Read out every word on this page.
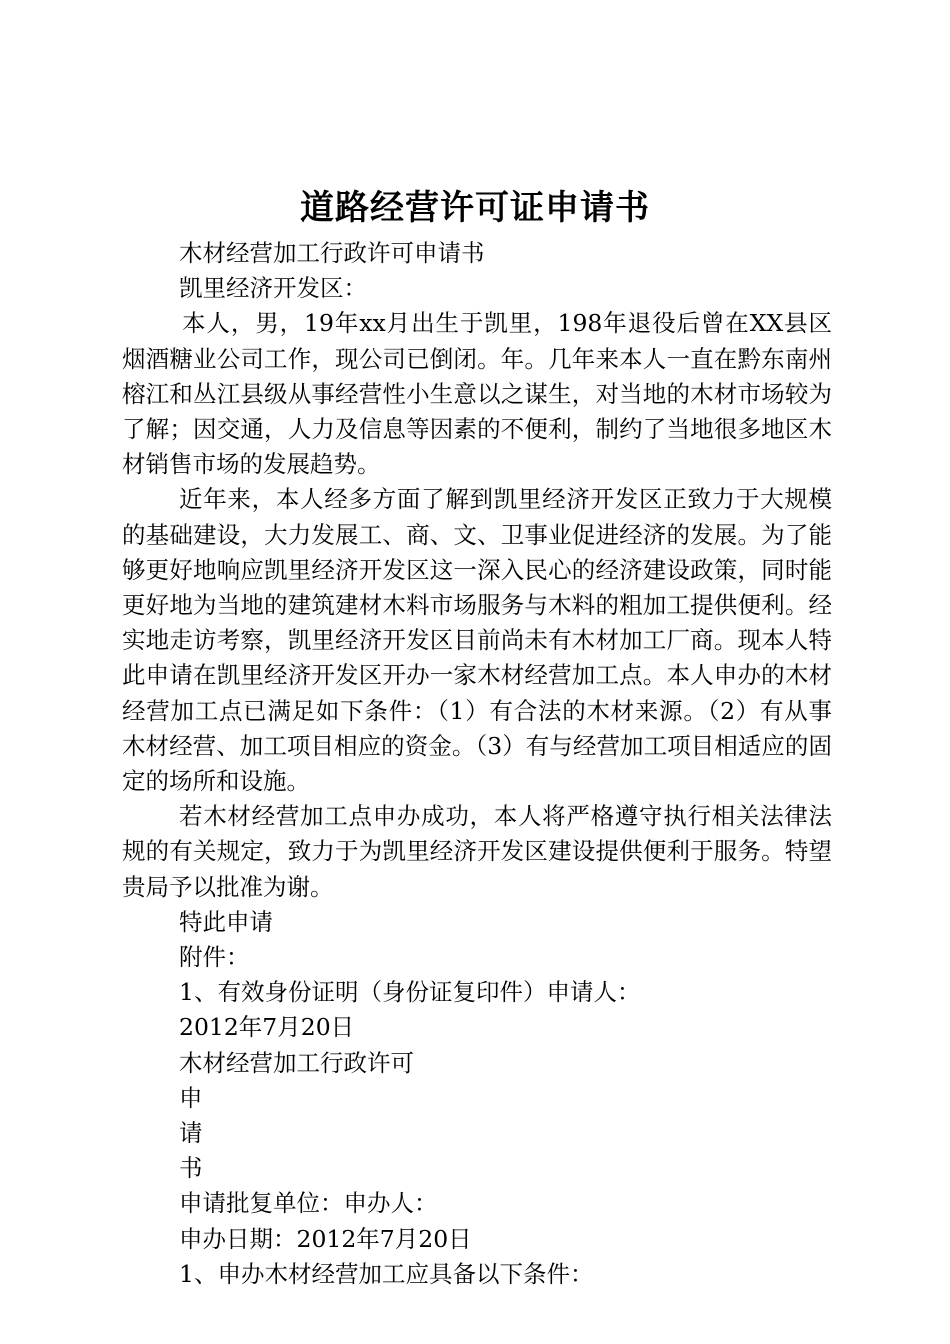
道路经营许可证申请书

木材经营加工行政许可申请书

凯里经济开发区：

本人，男，19年xx月出生于凯里，198年退役后曾在XX县区烟酒糖业公司工作，现公司已倒闭。年。几年来本人一直在黔东南州榕江和丛江县级从事经营性小生意以之谋生，对当地的木材市场较为了解；因交通，人力及信息等因素的不便利，制约了当地很多地区木材销售市场的发展趋势。

近年来，本人经多方面了解到凯里经济开发区正致力于大规模的基础建设，大力发展工、商、文、卫事业促进经济的发展。为了能够更好地响应凯里经济开发区这一深入民心的经济建设政策，同时能更好地为当地的建筑建材木料市场服务与木料的粗加工提供便利。经实地走访考察，凯里经济开发区目前尚未有木材加工厂商。现本人特此申请在凯里经济开发区开办一家木材经营加工点。本人申办的木材经营加工点已满足如下条件：（1）有合法的木材来源。（2）有从事木材经营、加工项目相应的资金。（3）有与经营加工项目相适应的固定的场所和设施。

若木材经营加工点申办成功，本人将严格遵守执行相关法律法规的有关规定，致力于为凯里经济开发区建设提供便利于服务。特望贵局予以批准为谢。

特此申请

附件：

1、有效身份证明（身份证复印件）申请人：

2012年7月20日

木材经营加工行政许可

申

请

书

申请批复单位：申办人：

申办日期：2012年7月20日

1、申办木材经营加工应具备以下条件：
